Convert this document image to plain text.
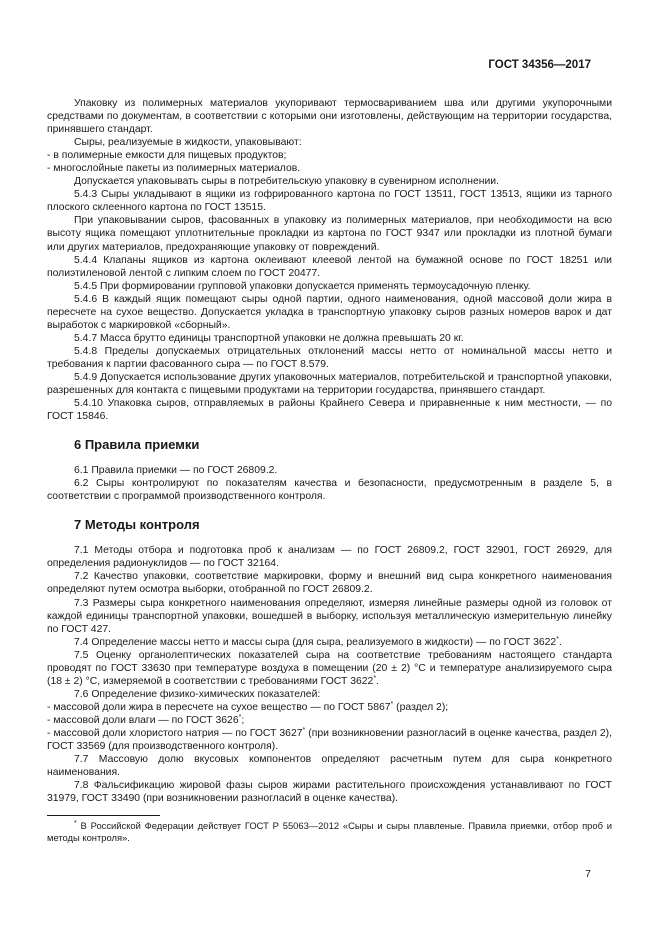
ГОСТ 34356—2017

Упаковку из полимерных материалов укупоривают термосвариванием шва или другими укупорочными средствами по документам, в соответствии с которыми они изготовлены, действующим на территории государства, принявшего стандарт.

Сыры, реализуемые в жидкости, упаковывают:

- в полимерные емкости для пищевых продуктов;

- многослойные пакеты из полимерных материалов.

Допускается упаковывать сыры в потребительскую упаковку в сувенирном исполнении.

5.4.3 Сыры укладывают в ящики из гофрированного картона по ГОСТ 13511, ГОСТ 13513, ящики из тарного плоского склеенного картона по ГОСТ 13515.

При упаковывании сыров, фасованных в упаковку из полимерных материалов, при необходимости на всю высоту ящика помещают уплотнительные прокладки из картона по ГОСТ 9347 или прокладки из плотной бумаги или других материалов, предохраняющие упаковку от повреждений.

5.4.4 Клапаны ящиков из картона оклеивают клеевой лентой на бумажной основе по ГОСТ 18251 или полиэтиленовой лентой с липким слоем по ГОСТ 20477.

5.4.5 При формировании групповой упаковки допускается применять термоусадочную пленку.

5.4.6 В каждый ящик помещают сыры одной партии, одного наименования, одной массовой доли жира в пересчете на сухое вещество. Допускается укладка в транспортную упаковку сыров разных номеров варок и дат выработок с маркировкой «сборный».

5.4.7 Масса брутто единицы транспортной упаковки не должна превышать 20 кг.

5.4.8 Пределы допускаемых отрицательных отклонений массы нетто от номинальной массы нетто и требования к партии фасованного сыра — по ГОСТ 8.579.

5.4.9 Допускается использование других упаковочных материалов, потребительской и транспортной упаковки, разрешенных для контакта с пищевыми продуктами на территории государства, принявшего стандарт.

5.4.10 Упаковка сыров, отправляемых в районы Крайнего Севера и приравненные к ним местности, — по ГОСТ 15846.

6 Правила приемки

6.1 Правила приемки — по ГОСТ 26809.2.

6.2 Сыры контролируют по показателям качества и безопасности, предусмотренным в разделе 5, в соответствии с программой производственного контроля.

7 Методы контроля

7.1 Методы отбора и подготовка проб к анализам — по ГОСТ 26809.2, ГОСТ 32901, ГОСТ 26929, для определения радионуклидов — по ГОСТ 32164.

7.2 Качество упаковки, соответствие маркировки, форму и внешний вид сыра конкретного наименования определяют путем осмотра выборки, отобранной по ГОСТ 26809.2.

7.3 Размеры сыра конкретного наименования определяют, измеряя линейные размеры одной из головок от каждой единицы транспортной упаковки, вошедшей в выборку, используя металлическую измерительную линейку по ГОСТ 427.

7.4 Определение массы нетто и массы сыра (для сыра, реализуемого в жидкости) — по ГОСТ 3622*.

7.5 Оценку органолептических показателей сыра на соответствие требованиям настоящего стандарта проводят по ГОСТ 33630 при температуре воздуха в помещении (20 ± 2) °С и температуре анализируемого сыра (18 ± 2) °С, измеряемой в соответствии с требованиями ГОСТ 3622*.

7.6 Определение физико-химических показателей:

- массовой доли жира в пересчете на сухое вещество — по ГОСТ 5867* (раздел 2);

- массовой доли влаги — по ГОСТ 3626*;

- массовой доли хлористого натрия — по ГОСТ 3627* (при возникновении разногласий в оценке качества, раздел 2), ГОСТ 33569 (для производственного контроля).

7.7 Массовую долю вкусовых компонентов определяют расчетным путем для сыра конкретного наименования.

7.8 Фальсификацию жировой фазы сыров жирами растительного происхождения устанавливают по ГОСТ 31979, ГОСТ 33490 (при возникновении разногласий в оценке качества).

* В Российской Федерации действует ГОСТ Р 55063—2012 «Сыры и сыры плавленые. Правила приемки, отбор проб и методы контроля».

7
